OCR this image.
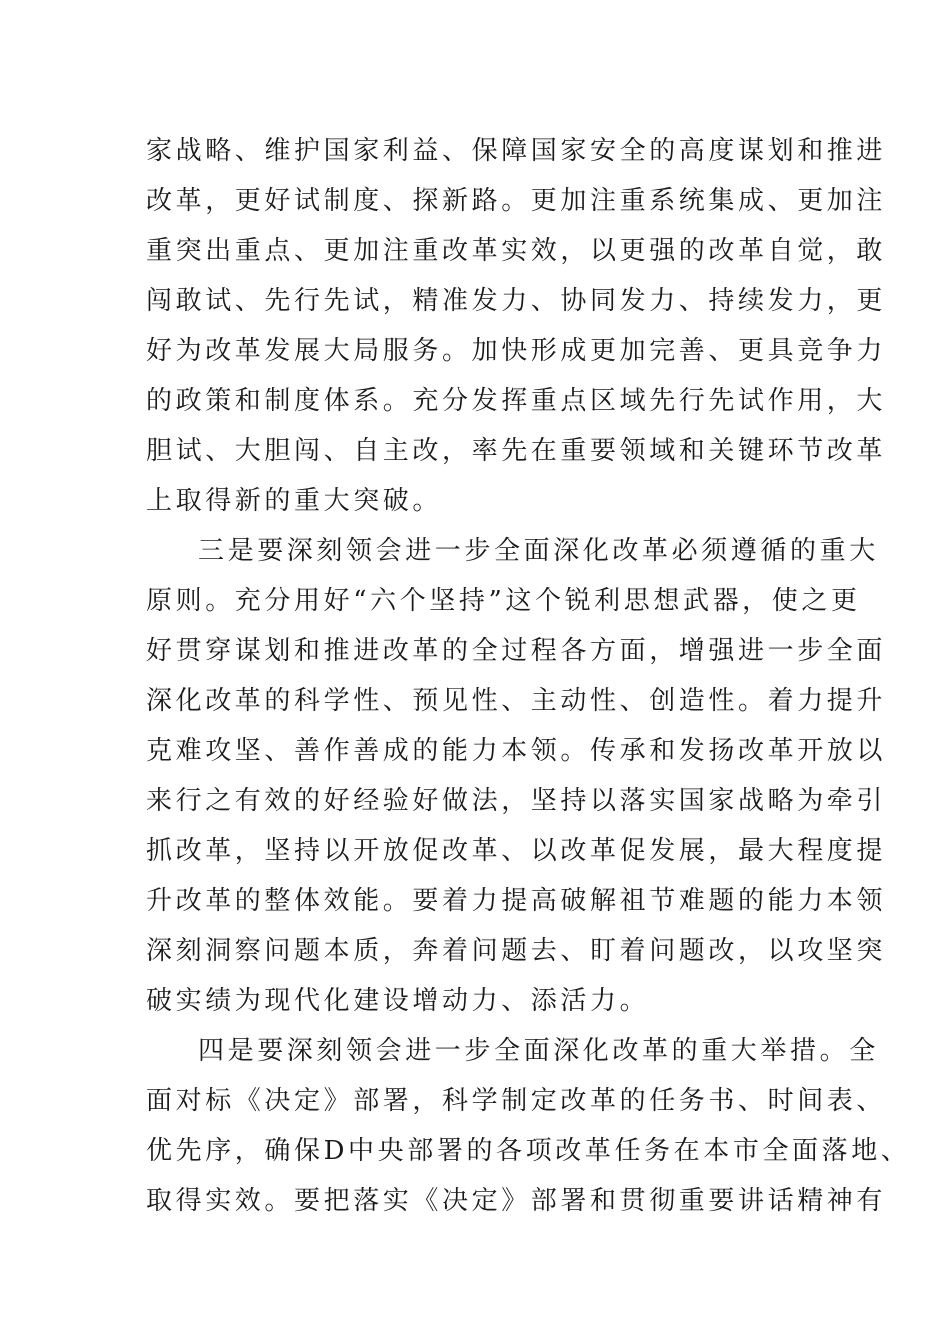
家战略、维护国家利益、保障国家安全的高度谋划和推进
改革，更好试制度、探新路。更加注重系统集成、更加注
重突出重点、更加注重改革实效，以更强的改革自觉，敢
闯敢试、先行先试，精准发力、协同发力、持续发力，更
好为改革发展大局服务。加快形成更加完善、更具竞争力
的政策和制度体系。充分发挥重点区域先行先试作用，大
胆试、大胆闯、自主改，率先在重要领域和关键环节改革
上取得新的重大突破。
三是要深刻领会进一步全面深化改革必须遵循的重大
原则。充分用好“六个坚持”这个锐利思想武器，使之更
好贯穿谋划和推进改革的全过程各方面，增强进一步全面
深化改革的科学性、预见性、主动性、创造性。着力提升
克难攻坚、善作善成的能力本领。传承和发扬改革开放以
来行之有效的好经验好做法，坚持以落实国家战略为牵引
抓改革，坚持以开放促改革、以改革促发展，最大程度提
升改革的整体效能。要着力提高破解祖节难题的能力本领
深刻洞察问题本质，奔着问题去、盯着问题改，以攻坚突
破实绩为现代化建设增动力、添活力。
四是要深刻领会进一步全面深化改革的重大举措。全
面对标《决定》部署，科学制定改革的任务书、时间表、
优先序，确保D中央部署的各项改革任务在本市全面落地、
取得实效。要把落实《决定》部署和贯彻重要讲话精神有
